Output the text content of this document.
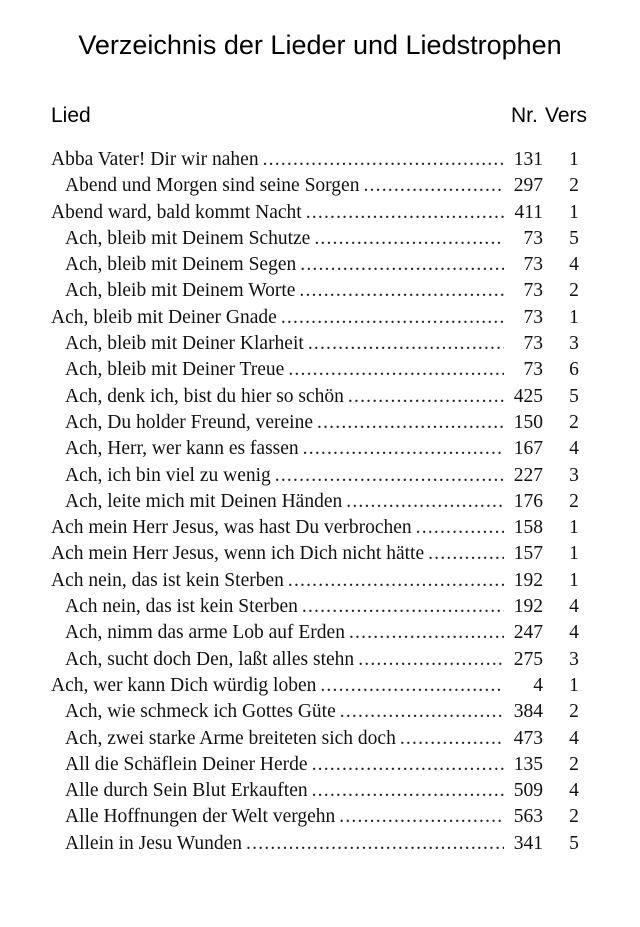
Verzeichnis der Lieder und Liedstrophen
Lied	Nr. Vers
Abba Vater! Dir wir nahen .....	131 1
Abend und Morgen sind seine Sorgen .....	297 2
Abend ward, bald kommt Nacht .....	411 1
Ach, bleib mit Deinem Schutze .....	73 5
Ach, bleib mit Deinem Segen .....	73 4
Ach, bleib mit Deinem Worte .....	73 2
Ach, bleib mit Deiner Gnade .....	73 1
Ach, bleib mit Deiner Klarheit .....	73 3
Ach, bleib mit Deiner Treue .....	73 6
Ach, denk ich, bist du hier so schön .....	425 5
Ach, Du holder Freund, vereine .....	150 2
Ach, Herr, wer kann es fassen .....	167 4
Ach, ich bin viel zu wenig .....	227 3
Ach, leite mich mit Deinen Händen .....	176 2
Ach mein Herr Jesus, was hast Du verbrochen .....	158 1
Ach mein Herr Jesus, wenn ich Dich nicht hätte .....	157 1
Ach nein, das ist kein Sterben .....	192 1
Ach nein, das ist kein Sterben .....	192 4
Ach, nimm das arme Lob auf Erden .....	247 4
Ach, sucht doch Den, laßt alles stehn .....	275 3
Ach, wer kann Dich würdig loben .....	4 1
Ach, wie schmeck ich Gottes Güte .....	384 2
Ach, zwei starke Arme breiteten sich doch .....	473 4
All die Schäflein Deiner Herde .....	135 2
Alle durch Sein Blut Erkauften .....	509 4
Alle Hoffnungen der Welt vergehn .....	563 2
Allein in Jesu Wunden .....	341 5
